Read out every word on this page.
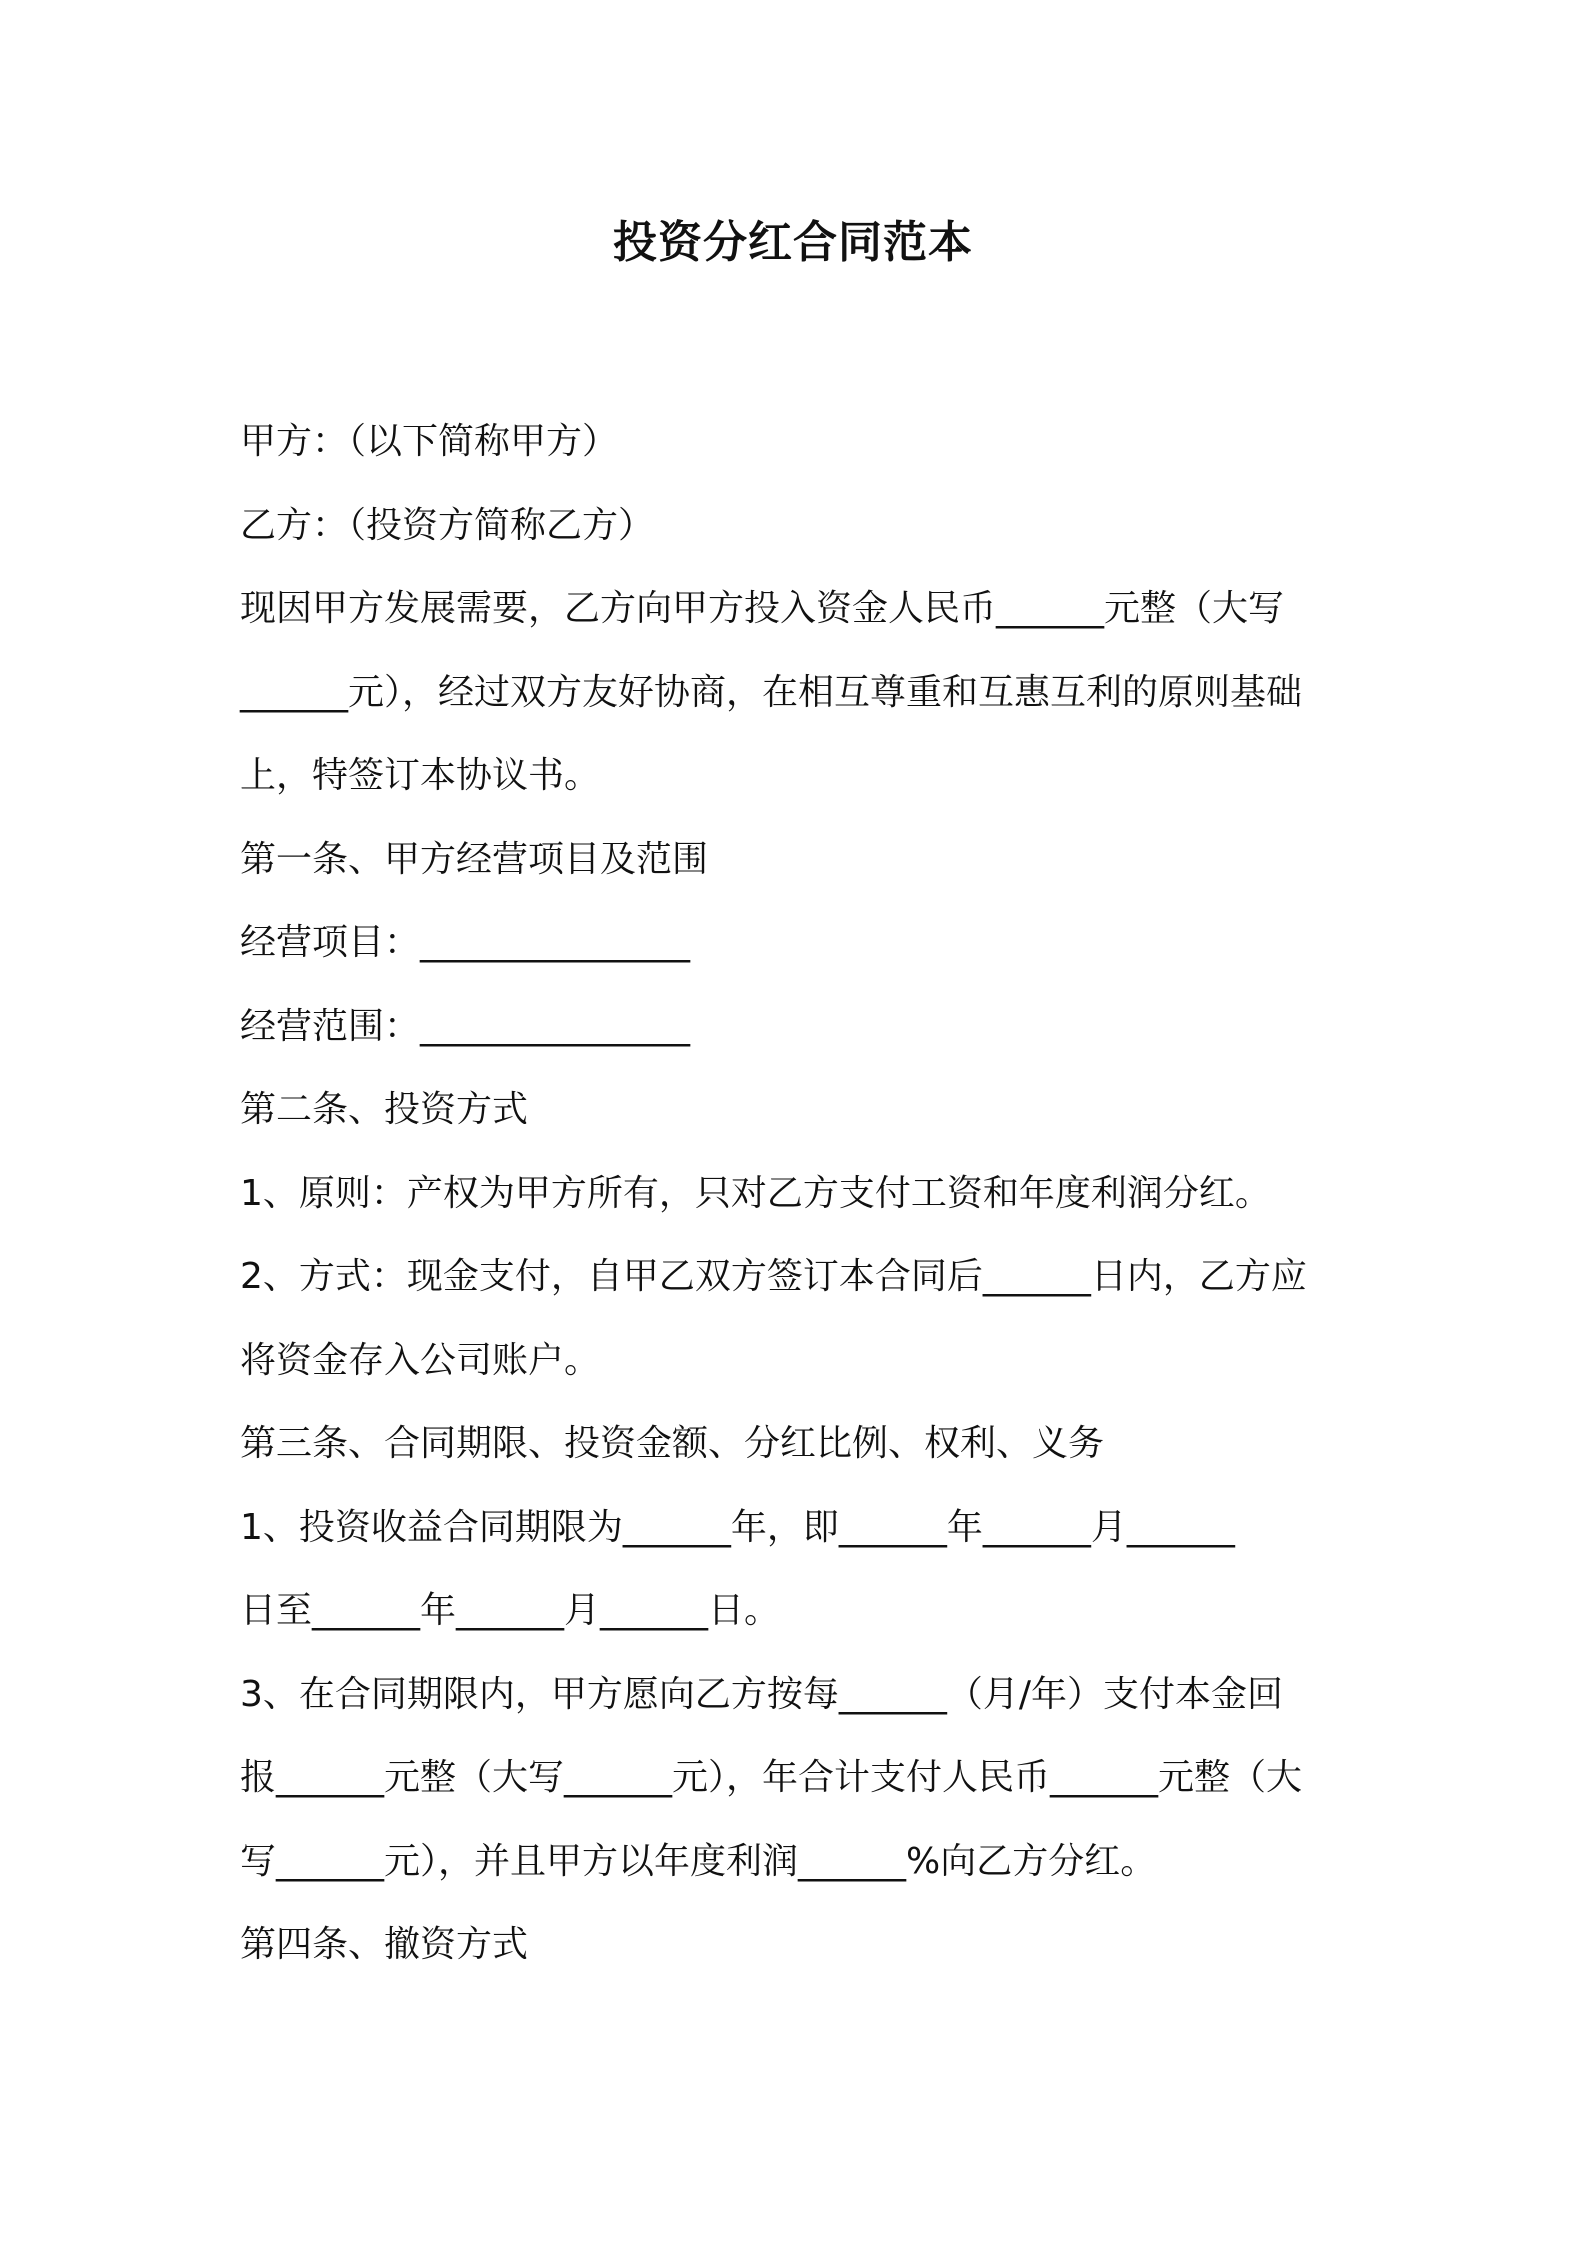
投资分红合同范本
甲方：（以下简称甲方）
乙方：（投资方简称乙方）
现因甲方发展需要，乙方向甲方投入资金人民币______元整（大写
______元），经过双方友好协商，在相互尊重和互惠互利的原则基础
上，特签订本协议书。
第一条、甲方经营项目及范围
经营项目：_______________
经营范围：_______________
第二条、投资方式
1、原则：产权为甲方所有，只对乙方支付工资和年度利润分红。
2、方式：现金支付，自甲乙双方签订本合同后______日内，乙方应
将资金存入公司账户。
第三条、合同期限、投资金额、分红比例、权利、义务
1、投资收益合同期限为______年，即______年______月______
日至______年______月______日。
3、在合同期限内，甲方愿向乙方按每______（月/年）支付本金回
报______元整（大写______元），年合计支付人民币______元整（大
写______元），并且甲方以年度利润______%向乙方分红。
第四条、撤资方式
